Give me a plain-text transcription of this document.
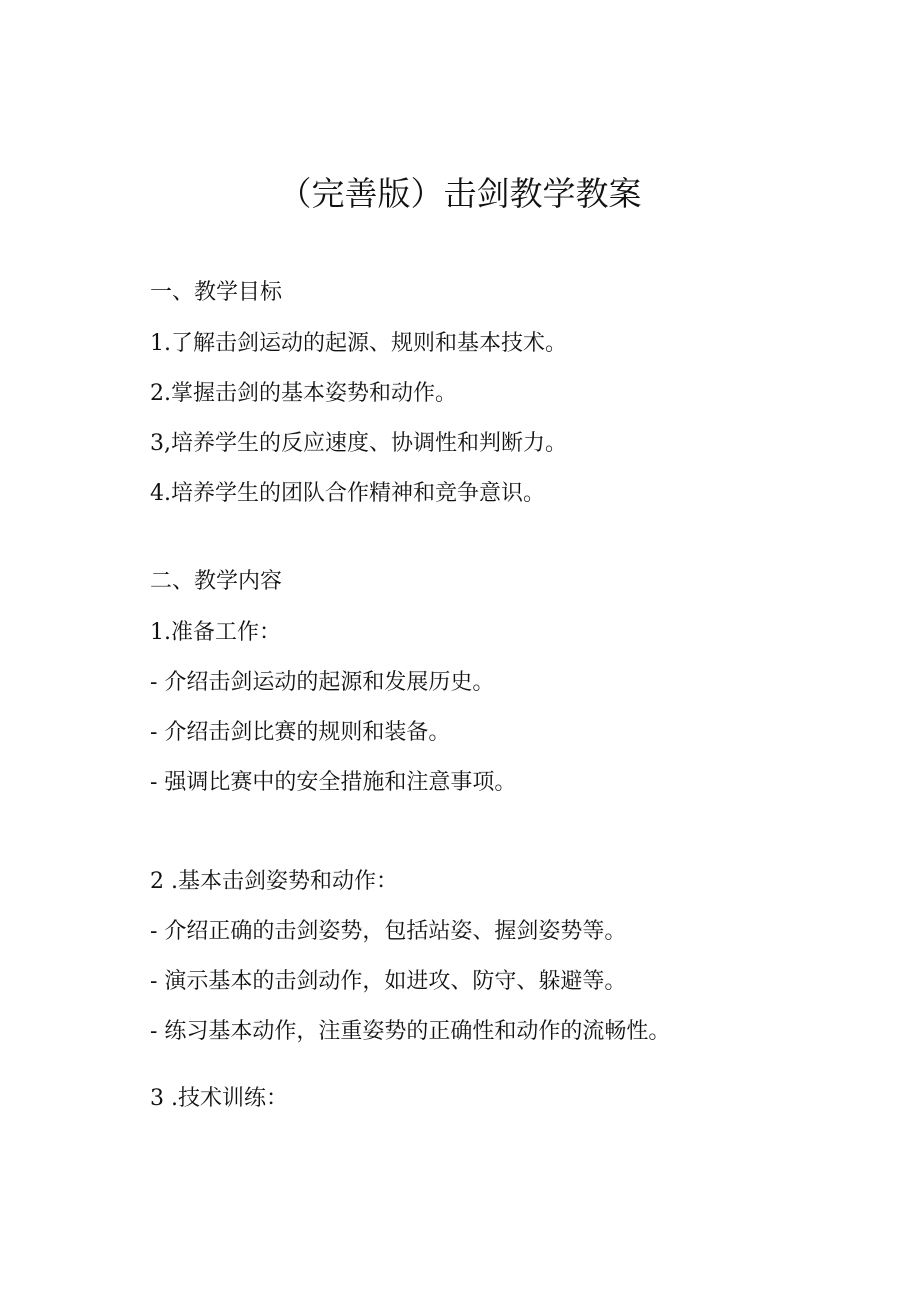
（完善版）击剑教学教案
一、教学目标
1.了解击剑运动的起源、规则和基本技术。
2.掌握击剑的基本姿势和动作。
3,培养学生的反应速度、协调性和判断力。
4.培养学生的团队合作精神和竞争意识。
二、教学内容
1.准备工作：
- 介绍击剑运动的起源和发展历史。
- 介绍击剑比赛的规则和装备。
- 强调比赛中的安全措施和注意事项。
2 .基本击剑姿势和动作：
- 介绍正确的击剑姿势，包括站姿、握剑姿势等。
- 演示基本的击剑动作，如进攻、防守、躲避等。
- 练习基本动作，注重姿势的正确性和动作的流畅性。
3 .技术训练：
